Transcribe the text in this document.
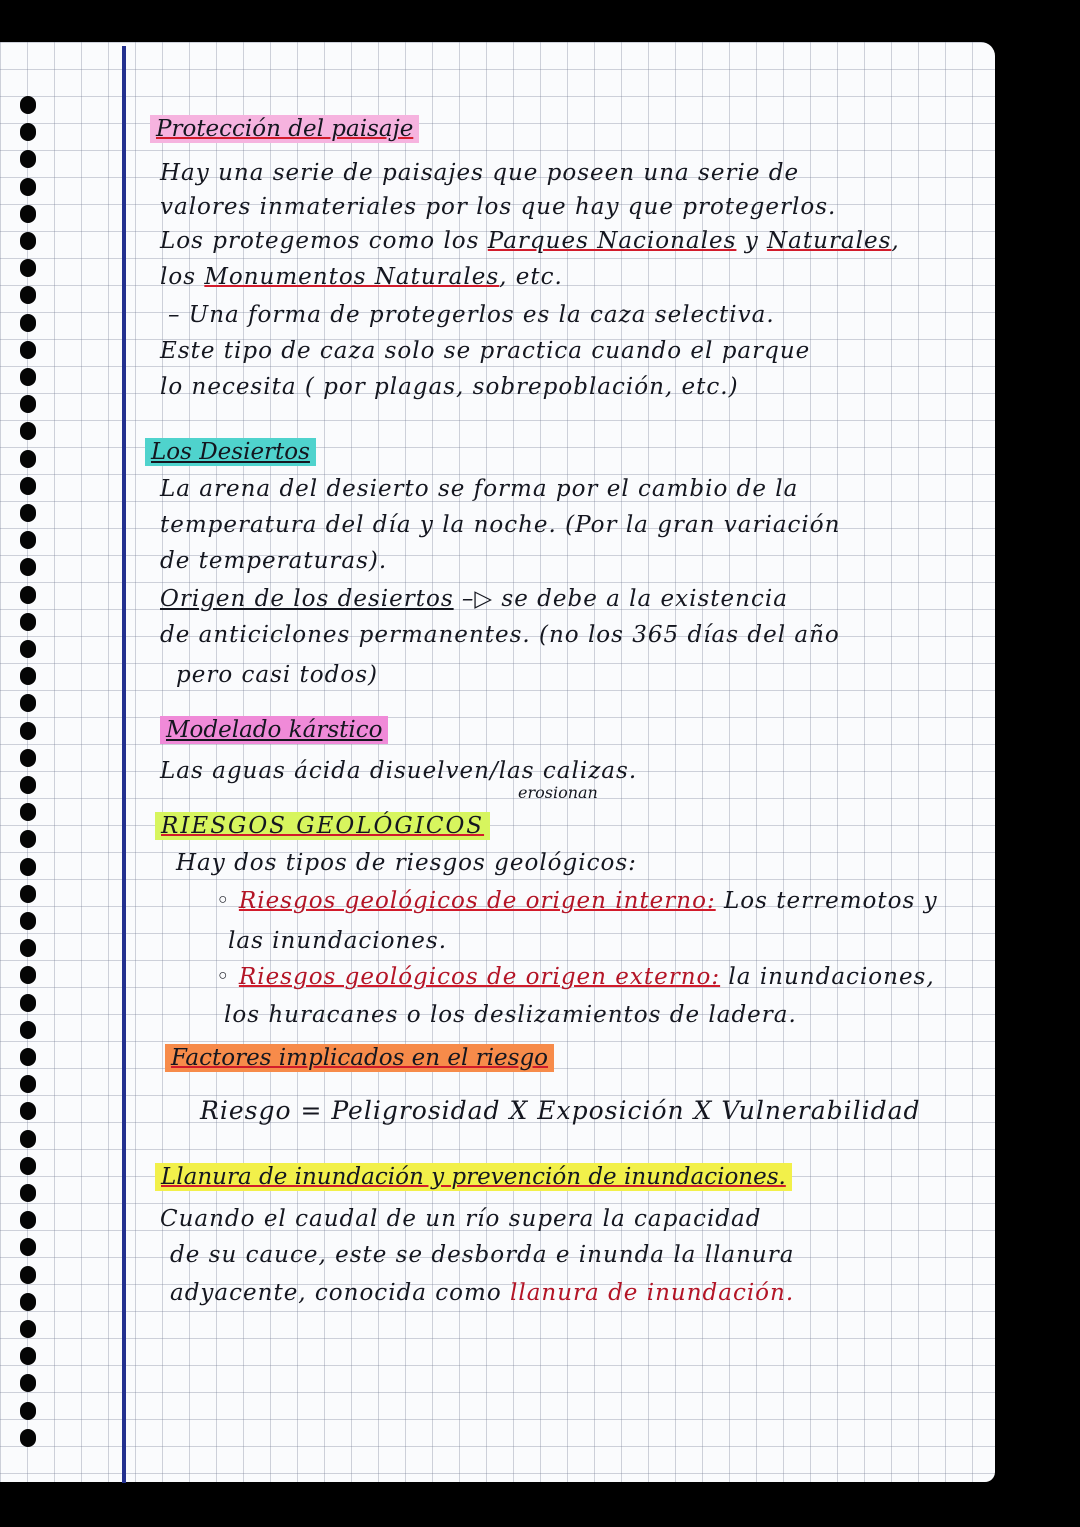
Protección del paisaje
Hay una serie de paisajes que poseen una serie de
valores inmateriales por los que hay que protegerlos.
Los protegemos como los Parques Nacionales y Naturales,
los Monumentos Naturales, etc.
– Una forma de protegerlos es la caza selectiva.
Este tipo de caza solo se practica cuando el parque
lo necesita ( por plagas, sobrepoblación, etc.)
Los Desiertos
La arena del desierto se forma por el cambio de la
temperatura del día y la noche. (Por la gran variación
de temperaturas).
Origen de los desiertos –▷ se debe a la existencia
de anticiclones permanentes. (no los 365 días del año
pero casi todos)
Modelado kárstico
Las aguas ácida disuelven/las calizas.
erosionan
RIESGOS GEOLÓGICOS
Hay dos tipos de riesgos geológicos:
◦ Riesgos geológicos de origen interno: Los terremotos y
las inundaciones.
◦ Riesgos geológicos de origen externo: la inundaciones,
los huracanes o los deslizamientos de ladera.
Factores implicados en el riesgo
Riesgo = Peligrosidad X Exposición X Vulnerabilidad
Llanura de inundación y prevención de inundaciones.
Cuando el caudal de un río supera la capacidad
de su cauce, este se desborda e inunda la llanura
adyacente, conocida como llanura de inundación.
